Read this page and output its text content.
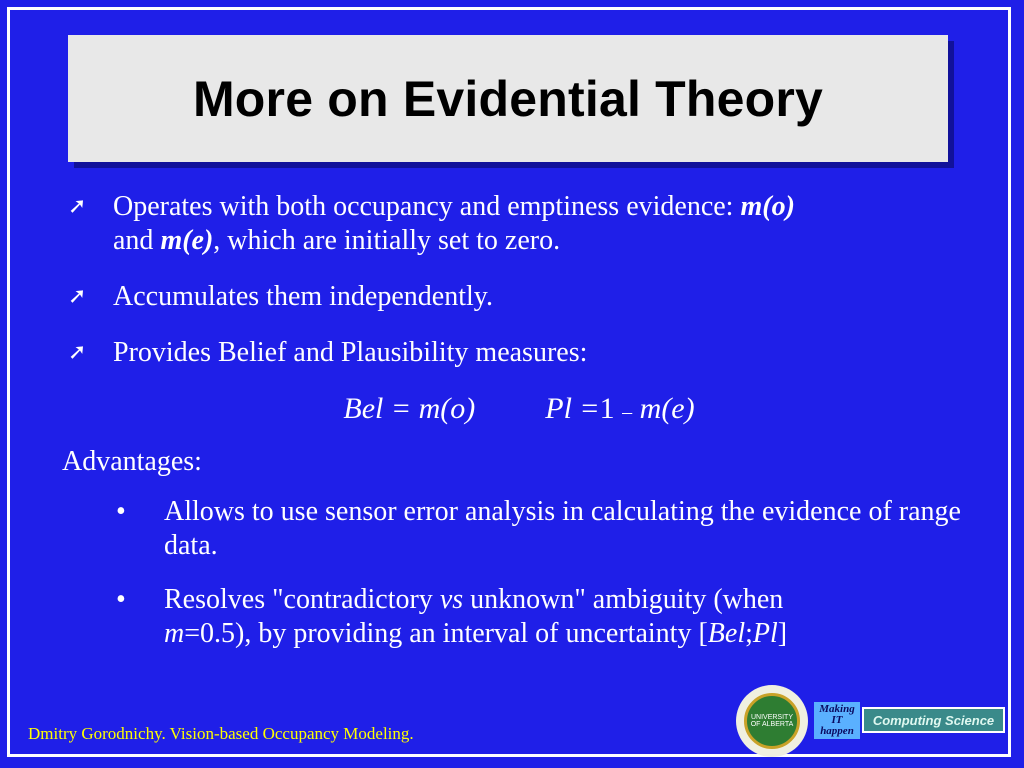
More on Evidential Theory
➚ Operates with both occupancy and emptiness evidence: m(o)
and m(e), which are initially set to zero.
➚ Accumulates them independently.
➚ Provides Belief and Plausibility measures:
Bel = m(o) Pl =1 – m(e)
Advantages:
• Allows to use sensor error analysis in calculating the evidence of range data.
• Resolves "contradictory vs unknown" ambiguity (when
m=0.5), by providing an interval of uncertainty [Bel;Pl]
Dmitry Gorodnichy. Vision-based Occupancy Modeling.
UNIVERSITY OF ALBERTA
Making
IT
happen
Computing Science
